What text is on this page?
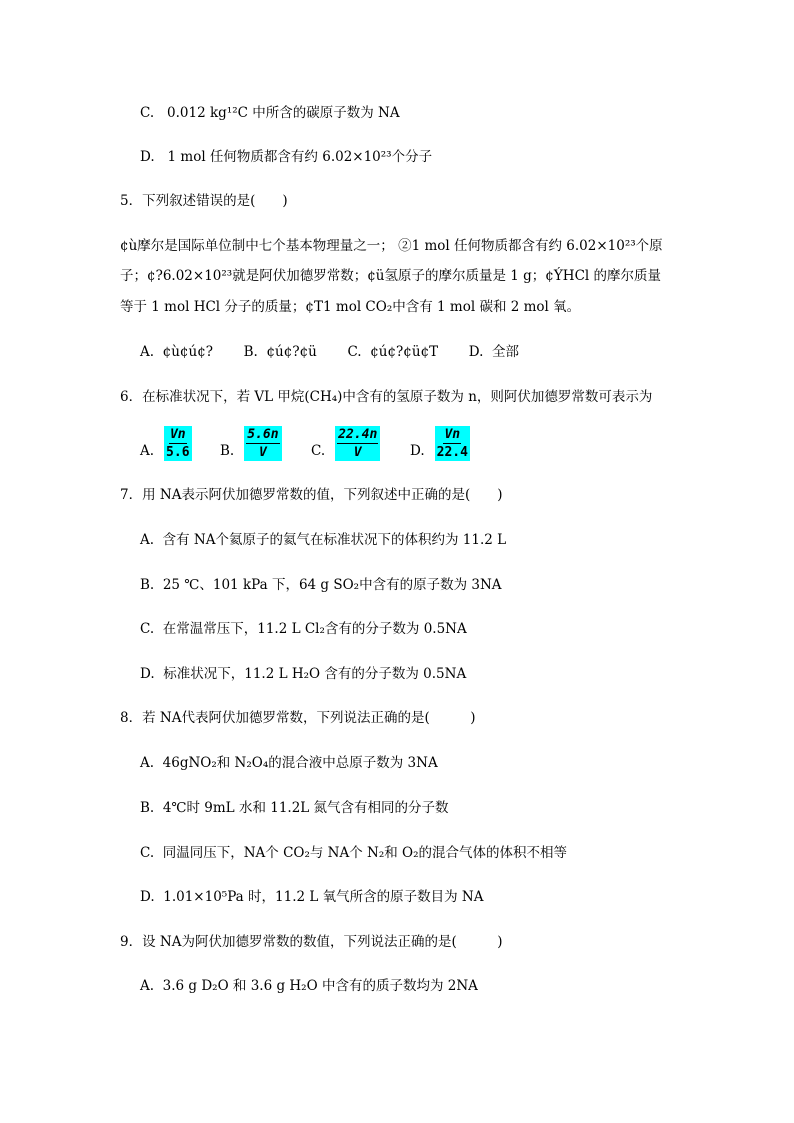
C. 0.012 kg¹²C 中所含的碳原子数为 NA
D. 1 mol 任何物质都含有约 6.02×10²³个分子
5．下列叙述错误的是(　　)
¢ù摩尔是国际单位制中七个基本物理量之一； ②1 mol 任何物质都含有约 6.02×10²³个原
子；¢?6.02×10²³就是阿伏加德罗常数；¢ü氢原子的摩尔质量是 1 g；¢ÝHCl 的摩尔质量
等于 1 mol HCl 分子的质量；¢T1 mol CO₂中含有 1 mol 碳和 2 mol 氧。
A. ¢ù¢ú¢? B. ¢ú¢?¢ü C. ¢ú¢?¢ü¢T D. 全部
6．在标准状况下，若 VL 甲烷(CH₄)中含有的氢原子数为 n，则阿伏加德罗常数可表示为
A. $\frac{Vn}{5.6} B$. $\frac{5.6n}{V} C$. $\frac{22.4n}{V} D$. $\frac{Vn}{22.4}$
7．用 NA表示阿伏加德罗常数的值，下列叙述中正确的是(　　)
A. 含有 NA个氦原子的氦气在标准状况下的体积约为 11.2 L
B. 25 ℃、101 kPa 下，64 g SO₂中含有的原子数为 3NA
C. 在常温常压下，11.2 L Cl₂含有的分子数为 0.5NA
D. 标准状况下，11.2 L H₂O 含有的分子数为 0.5NA
8．若 NA代表阿伏加德罗常数，下列说法正确的是(　　　)
A. 46gNO₂和 N₂O₄的混合液中总原子数为 3NA
B. 4℃时 9mL 水和 11.2L 氮气含有相同的分子数
C. 同温同压下，NA个 CO₂与 NA个 N₂和 O₂的混合气体的体积不相等
D. 1.01×10⁵Pa 时，11.2 L 氧气所含的原子数目为 NA
9．设 NA为阿伏加德罗常数的数值，下列说法正确的是(　　　)
A. 3.6 g D₂O 和 3.6 g H₂O 中含有的质子数均为 2NA
